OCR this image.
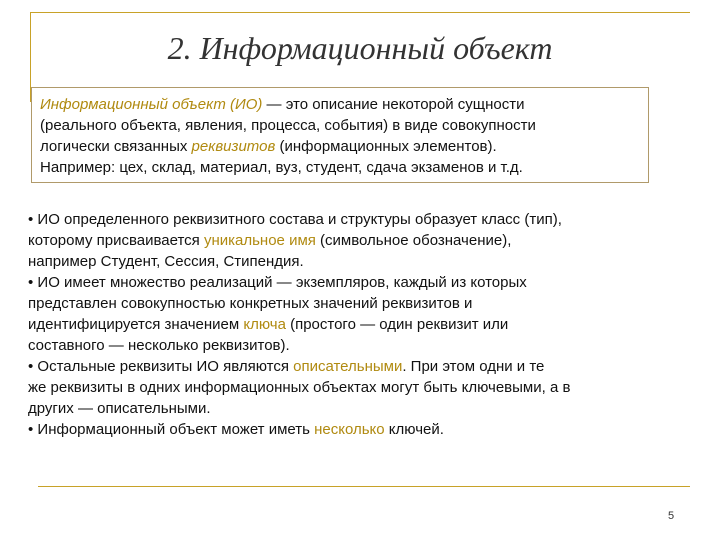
2. Информационный объект
Информационный объект (ИО) — это описание некоторой сущности
(реального объекта, явления, процесса, события) в виде совокупности
логически связанных реквизитов (информационных элементов).
Например: цех, склад, материал, вуз, студент, сдача экзаменов и т.д.
• ИО определенного реквизитного состава и структуры образует класс (тип),
которому присваивается уникальное имя (символьное обозначение),
например Студент, Сессия, Стипендия.
• ИО имеет множество реализаций — экземпляров, каждый из которых
представлен совокупностью конкретных значений реквизитов и
идентифицируется значением ключа (простого — один реквизит или
составного — несколько реквизитов).
• Остальные реквизиты ИО являются описательными. При этом одни и те
же реквизиты в одних информационных объектах могут быть ключевыми, а в
других — описательными.
• Информационный объект может иметь несколько ключей.
5
